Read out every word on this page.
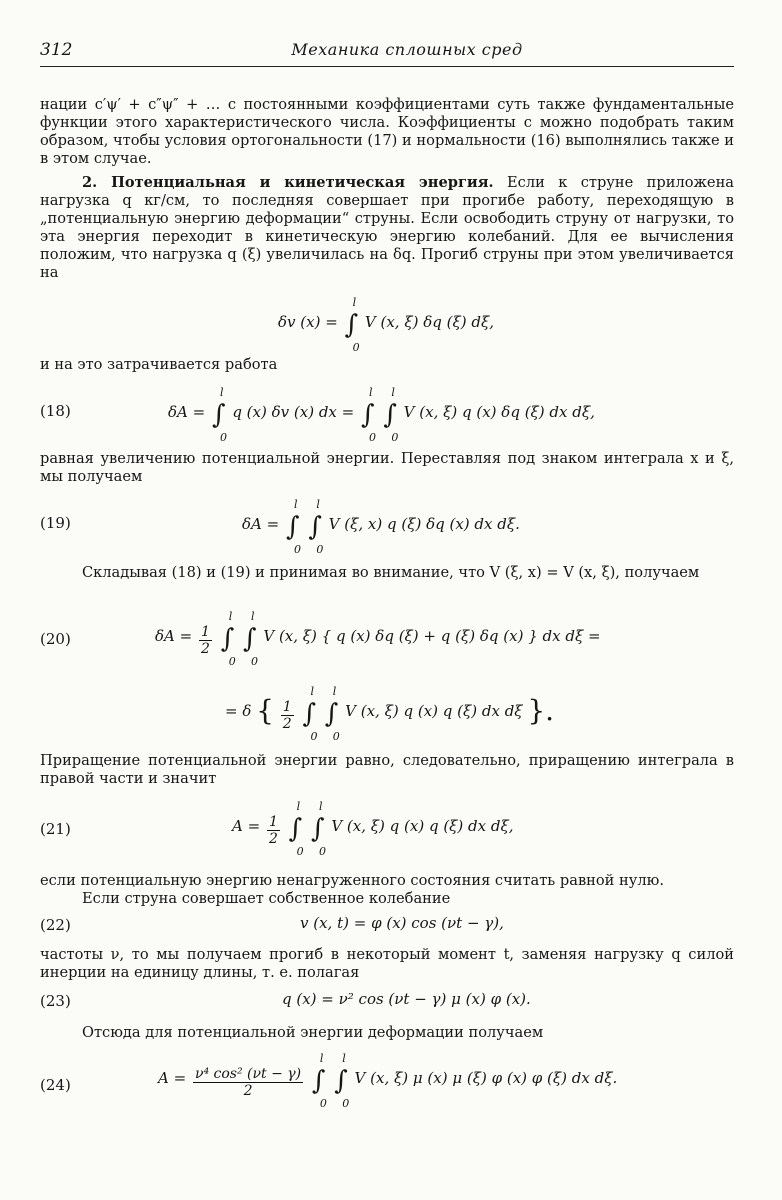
312	Механика сплошных сред

нации c′ψ′ + c″ψ″ + … с постоянными коэффициентами суть также фундаментальные функции этого характеристического числа. Коэффициенты c можно подобрать таким образом, чтобы условия ортогональности (17) и нормальности (16) выполнялись также и в этом случае.

2. Потенциальная и кинетическая энергия. Если к струне приложена нагрузка q кг/см, то последняя совершает при прогибе работу, переходящую в „потенциальную энергию деформации“ струны. Если освободить струну от нагрузки, то эта энергия переходит в кинетическую энергию колебаний. Для ее вычисления положим, что нагрузка q (ξ) увеличилась на δq. Прогиб струны при этом увеличивается на

δv (x) = ∫
l
0
V (x, ξ) δq (ξ) dξ,

и на это затрачивается работа

(18)	δA = ∫
l
0
q (x) δv (x) dx = ∫
l
0
∫
l
0
V (x, ξ) q (x) δq (ξ) dx dξ,

равная увеличению потенциальной энергии. Переставляя под знаком интеграла x и ξ, мы получаем

(19)	δA = ∫
l
0
∫
l
0
V (ξ, x) q (ξ) δq (x) dx dξ.

Складывая (18) и (19) и принимая во внимание, что V (ξ, x) = V (x, ξ), получаем

(20)	$\delta A = \frac{1}{2}$ ∫
l
0
∫
l
0
V (x, ξ) { q (x) δq (ξ) + q (ξ) δq (x) } dx dξ =
= δ { $\frac{1}{2}$ ∫
l
0
∫
l
0
V (x, ξ) q (x) q (ξ) dx dξ }.

Приращение потенциальной энергии равно, следовательно, приращению интеграла в правой части и значит

(21)	$A = \frac{1}{2}$ ∫
l
0
∫
l
0
V (x, ξ) q (x) q (ξ) dx dξ,

если потенциальную энергию ненагруженного состояния считать равной нулю.

Если струна совершает собственное колебание

(22)	v (x, t) = φ (x) cos (νt − γ),

частоты ν, то мы получаем прогиб в некоторый момент t, заменяя нагрузку q силой инерции на единицу длины, т. е. полагая

(23)	q (x) = ν² cos (νt − γ) μ (x) φ (x).

Отсюда для потенциальной энергии деформации получаем

(24)	$A = \frac{\text{ν⁴ cos² (νt − γ)}}{2}$ ∫
l
0
∫
l
0
V (x, ξ) μ (x) μ (ξ) φ (x) φ (ξ) dx dξ.
